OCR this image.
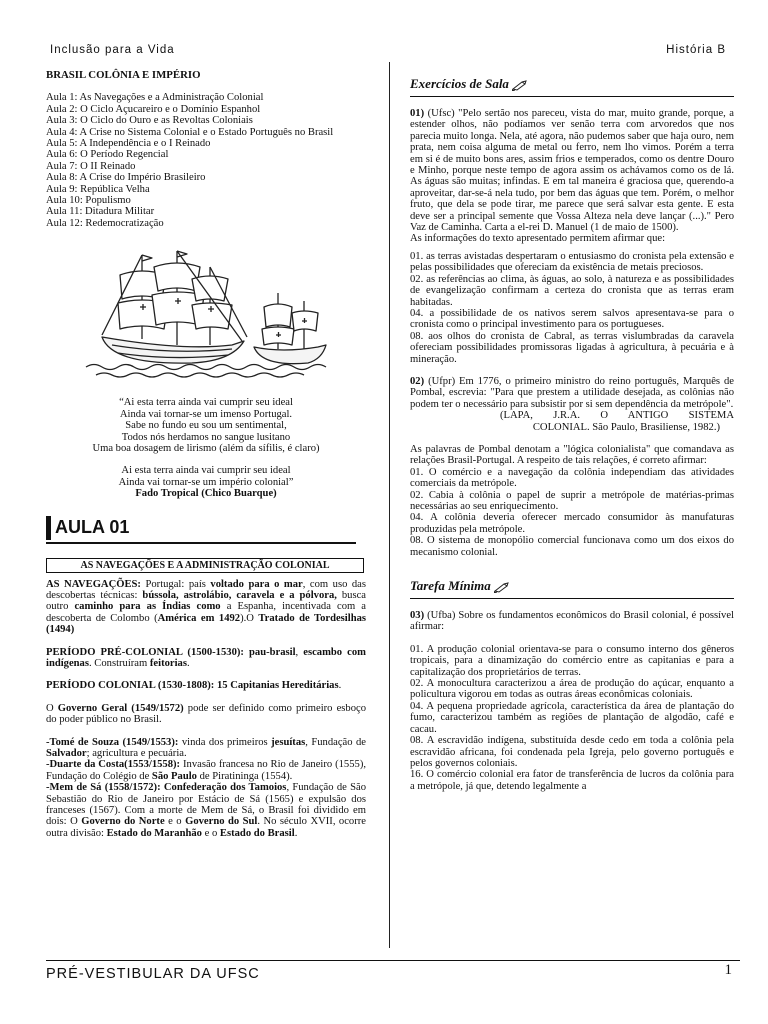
Inclusão para a Vida	História B
BRASIL COLÔNIA E IMPÉRIO
Aula 1: As Navegações e a Administração Colonial
Aula 2: O Ciclo Açucareiro e o Domínio Espanhol
Aula 3: O Ciclo do Ouro e as Revoltas Coloniais
Aula 4: A Crise no Sistema Colonial e o Estado Português no Brasil
Aula 5: A Independência e o I Reinado
Aula 6: O Período Regencial
Aula 7: O II Reinado
Aula 8: A Crise do Império Brasileiro
Aula 9: República Velha
Aula 10: Populismo
Aula 11: Ditadura Militar
Aula 12: Redemocratização
“Ai esta terra ainda vai cumprir seu ideal
Ainda vai tornar-se um imenso Portugal.
Sabe no fundo eu sou um sentimental,
Todos nós herdamos no sangue lusitano
Uma boa dosagem de lirismo (além da sífilis, é claro)
Ai esta terra ainda vai cumprir seu ideal
Ainda vai tornar-se um império colonial”
Fado Tropical (Chico Buarque)
AULA 01
AS NAVEGAÇÕES E A ADMINISTRAÇÃO COLONIAL
AS NAVEGAÇÕES: Portugal: país voltado para o mar, com uso das descobertas técnicas: bússola, astrolábio, caravela e a pólvora, busca outro caminho para as Índias como a Espanha, incentivada com a descoberta de Colombo (América em 1492).O Tratado de Tordesilhas (1494)
PERÍODO PRÉ-COLONIAL (1500-1530): pau-brasil, escambo com indígenas. Construíram feitorias.
PERÍODO COLONIAL (1530-1808): 15 Capitanias Hereditárias.
O Governo Geral (1549/1572) pode ser definido como primeiro esboço do poder público no Brasil.
-Tomé de Souza (1549/1553): vinda dos primeiros jesuítas, Fundação de Salvador; agricultura e pecuária.
-Duarte da Costa(1553/1558): Invasão francesa no Rio de Janeiro (1555), Fundação do Colégio de São Paulo de Piratininga (1554).
-Mem de Sá (1558/1572): Confederação dos Tamoios, Fundação de São Sebastião do Rio de Janeiro por Estácio de Sá (1565) e expulsão dos franceses (1567). Com a morte de Mem de Sá, o Brasil foi dividido em dois: O Governo do Norte e o Governo do Sul. No século XVII, ocorre outra divisão: Estado do Maranhão e o Estado do Brasil.
Exercícios de Sala
01) (Ufsc) "Pelo sertão nos pareceu, vista do mar, muito grande, porque, a estender olhos, não podíamos ver senão terra com arvoredos que nos parecia muito longa. Nela, até agora, não pudemos saber que haja ouro, nem prata, nem coisa alguma de metal ou ferro, nem lho vimos. Porém a terra em si é de muito bons ares, assim frios e temperados, como os dentre Douro e Minho, porque neste tempo de agora assim os achávamos como os de lá. As águas são muitas; infindas. E em tal maneira é graciosa que, querendo-a aproveitar, dar-se-á nela tudo, por bem das águas que tem. Porém, o melhor fruto, que dela se pode tirar, me parece que será salvar esta gente. E esta deve ser a principal semente que Vossa Alteza nela deve lançar (...)." Pero Vaz de Caminha. Carta a el-rei D. Manuel (1 de maio de 1500).
As informações do texto apresentado permitem afirmar que:
01. as terras avistadas despertaram o entusiasmo do cronista pela extensão e pelas possibilidades que ofereciam da existência de metais preciosos.
02. as referências ao clima, às águas, ao solo, à natureza e as possibilidades de evangelização confirmam a certeza do cronista que as terras eram habitadas.
04. a possibilidade de os nativos serem salvos apresentava-se para o cronista como o principal investimento para os portugueses.
08. aos olhos do cronista de Cabral, as terras vislumbradas da caravela ofereciam possibilidades promissoras ligadas à agricultura, à pecuária e à mineração.
02) (Ufpr) Em 1776, o primeiro ministro do reino português, Marquês de Pombal, escrevia: "Para que prestem a utilidade desejada, as colônias não podem ter o necessário para subsistir por si sem dependência da metrópole".
(LAPA, J.R.A. O ANTIGO SISTEMA
COLONIAL. São Paulo, Brasiliense, 1982.)
As palavras de Pombal denotam a "lógica colonialista" que comandava as relações Brasil-Portugal. A respeito de tais relações, é correto afirmar:
01. O comércio e a navegação da colônia independiam das atividades comerciais da metrópole.
02. Cabia à colônia o papel de suprir a metrópole de matérias-primas necessárias ao seu enriquecimento.
04. A colônia deveria oferecer mercado consumidor às manufaturas produzidas pela metrópole.
08. O sistema de monopólio comercial funcionava como um dos eixos do mecanismo colonial.
Tarefa Mínima
03) (Ufba) Sobre os fundamentos econômicos do Brasil colonial, é possível afirmar:
01. A produção colonial orientava-se para o consumo interno dos gêneros tropicais, para a dinamização do comércio entre as capitanias e para a capitalização dos proprietários de terras.
02. A monocultura caracterizou a área de produção do açúcar, enquanto a policultura vigorou em todas as outras áreas econômicas coloniais.
04. A pequena propriedade agrícola, característica da área de plantação do fumo, caracterizou também as regiões de plantação de algodão, café e cacau.
08. A escravidão indígena, substituída desde cedo em toda a colônia pela escravidão africana, foi condenada pela Igreja, pelo governo português e pelos governos coloniais.
16. O comércio colonial era fator de transferência de lucros da colônia para a metrópole, já que, detendo legalmente a
PRÉ-VESTIBULAR DA UFSC	1
